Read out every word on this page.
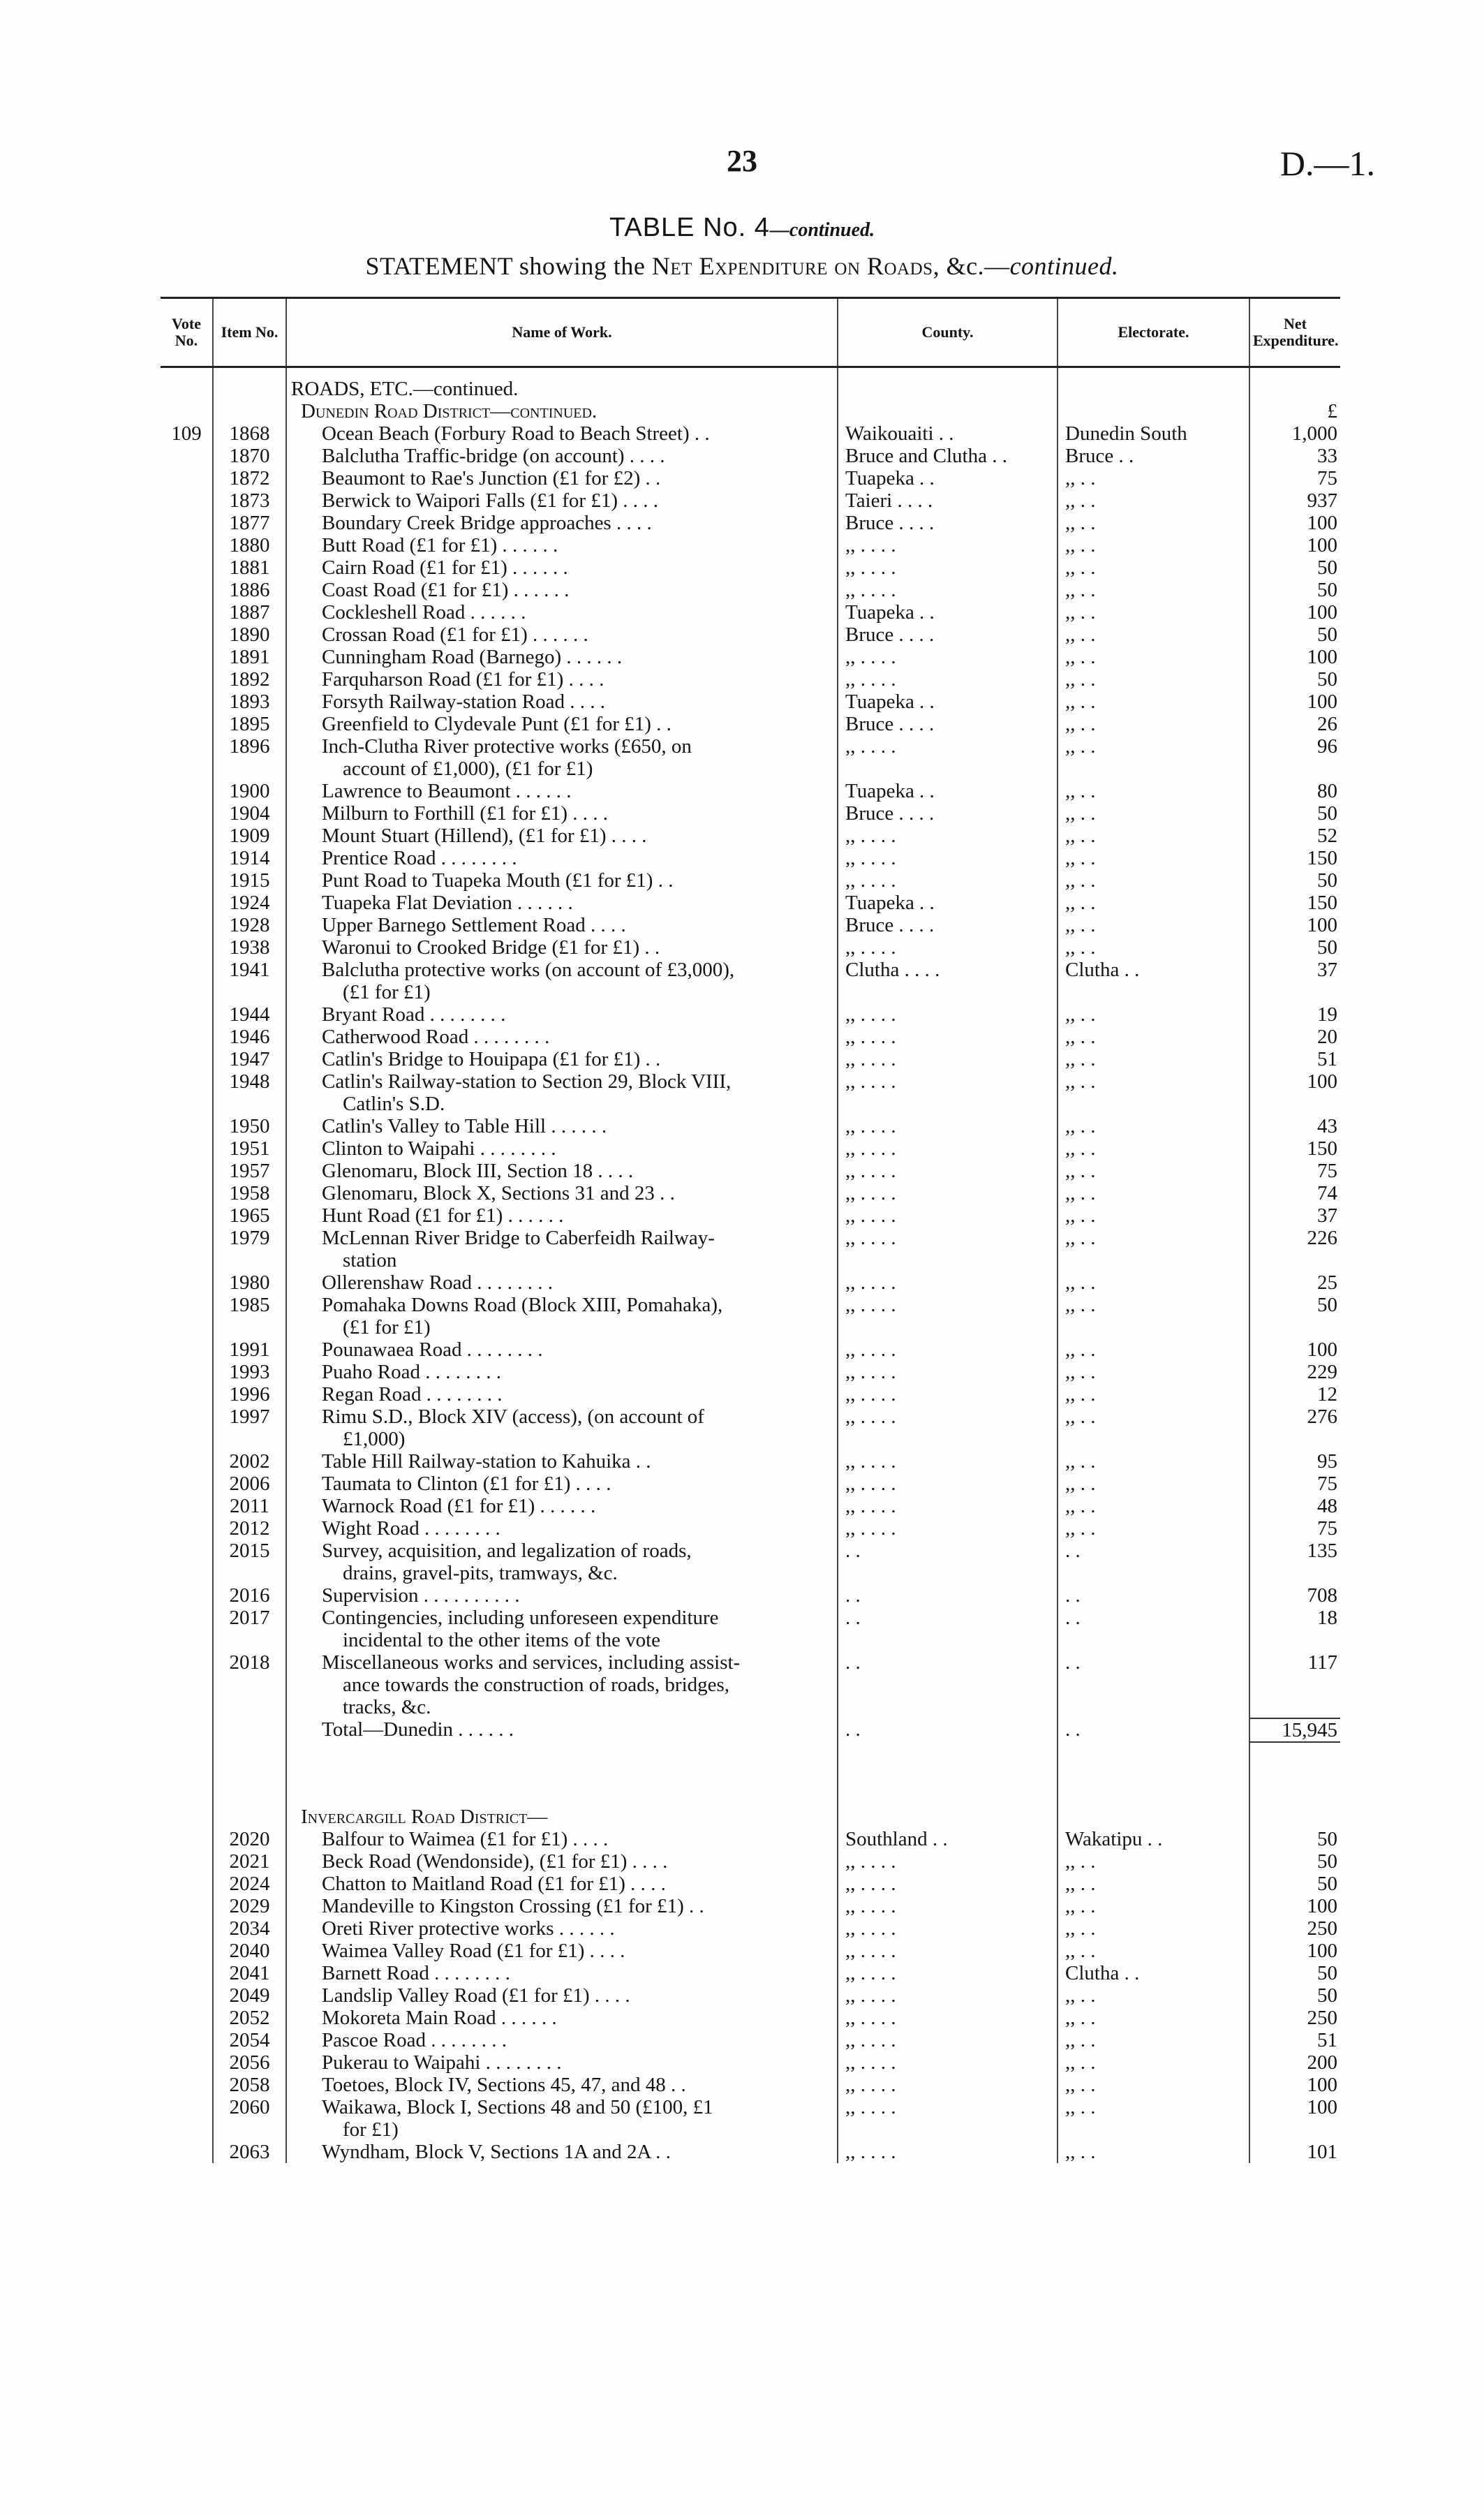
23	D.—1.
TABLE No. 4—continued.
STATEMENT showing the Net Expenditure on Roads, &c.—continued.
Vote No.	Item No.	Name of Work.	County.	Electorate.	Net Expenditure.

		ROADS, ETC.—continued.			
		Dunedin Road District—continued.			£
109	1868	Ocean Beach (Forbury Road to Beach Street) . .	Waikouaiti . .	Dunedin South	1,000
	1870	Balclutha Traffic-bridge (on account) . . . .	Bruce and Clutha . .	Bruce . .	33
	1872	Beaumont to Rae's Junction (£1 for £2) . .	Tuapeka . .	,, . .	75
	1873	Berwick to Waipori Falls (£1 for £1) . . . .	Taieri . . . .	,, . .	937
	1877	Boundary Creek Bridge approaches . . . .	Bruce . . . .	,, . .	100
	1880	Butt Road (£1 for £1) . . . . . .	,, . . . .	,, . .	100
	1881	Cairn Road (£1 for £1) . . . . . .	,, . . . .	,, . .	50
	1886	Coast Road (£1 for £1) . . . . . .	,, . . . .	,, . .	50
	1887	Cockleshell Road . . . . . .	Tuapeka . .	,, . .	100
	1890	Crossan Road (£1 for £1) . . . . . .	Bruce . . . .	,, . .	50
	1891	Cunningham Road (Barnego) . . . . . .	,, . . . .	,, . .	100
	1892	Farquharson Road (£1 for £1) . . . .	,, . . . .	,, . .	50
	1893	Forsyth Railway-station Road . . . .	Tuapeka . .	,, . .	100
	1895	Greenfield to Clydevale Punt (£1 for £1) . .	Bruce . . . .	,, . .	26
	1896	Inch-Clutha River protective works (£650, on
account of £1,000), (£1 for £1)	,, . . . .	,, . .	96
	1900	Lawrence to Beaumont . . . . . .	Tuapeka . .	,, . .	80
	1904	Milburn to Forthill (£1 for £1) . . . .	Bruce . . . .	,, . .	50
	1909	Mount Stuart (Hillend), (£1 for £1) . . . .	,, . . . .	,, . .	52
	1914	Prentice Road . . . . . . . .	,, . . . .	,, . .	150
	1915	Punt Road to Tuapeka Mouth (£1 for £1) . .	,, . . . .	,, . .	50
	1924	Tuapeka Flat Deviation . . . . . .	Tuapeka . .	,, . .	150
	1928	Upper Barnego Settlement Road . . . .	Bruce . . . .	,, . .	100
	1938	Waronui to Crooked Bridge (£1 for £1) . .	,, . . . .	,, . .	50
	1941	Balclutha protective works (on account of £3,000),
(£1 for £1)	Clutha . . . .	Clutha . .	37
	1944	Bryant Road . . . . . . . .	,, . . . .	,, . .	19
	1946	Catherwood Road . . . . . . . .	,, . . . .	,, . .	20
	1947	Catlin's Bridge to Houipapa (£1 for £1) . .	,, . . . .	,, . .	51
	1948	Catlin's Railway-station to Section 29, Block VIII,
Catlin's S.D.	,, . . . .	,, . .	100
	1950	Catlin's Valley to Table Hill . . . . . .	,, . . . .	,, . .	43
	1951	Clinton to Waipahi . . . . . . . .	,, . . . .	,, . .	150
	1957	Glenomaru, Block III, Section 18 . . . .	,, . . . .	,, . .	75
	1958	Glenomaru, Block X, Sections 31 and 23 . .	,, . . . .	,, . .	74
	1965	Hunt Road (£1 for £1) . . . . . .	,, . . . .	,, . .	37
	1979	McLennan River Bridge to Caberfeidh Railway-
station	,, . . . .	,, . .	226
	1980	Ollerenshaw Road . . . . . . . .	,, . . . .	,, . .	25
	1985	Pomahaka Downs Road (Block XIII, Pomahaka),
(£1 for £1)	,, . . . .	,, . .	50
	1991	Pounawaea Road . . . . . . . .	,, . . . .	,, . .	100
	1993	Puaho Road . . . . . . . .	,, . . . .	,, . .	229
	1996	Regan Road . . . . . . . .	,, . . . .	,, . .	12
	1997	Rimu S.D., Block XIV (access), (on account of
£1,000)	,, . . . .	,, . .	276
	2002	Table Hill Railway-station to Kahuika . .	,, . . . .	,, . .	95
	2006	Taumata to Clinton (£1 for £1) . . . .	,, . . . .	,, . .	75
	2011	Warnock Road (£1 for £1) . . . . . .	,, . . . .	,, . .	48
	2012	Wight Road . . . . . . . .	,, . . . .	,, . .	75
	2015	Survey, acquisition, and legalization of roads,
drains, gravel-pits, tramways, &c.	. .	. .	135
	2016	Supervision . . . . . . . . . .	. .	. .	708
	2017	Contingencies, including unforeseen expenditure
incidental to the other items of the vote	. .	. .	18
	2018	Miscellaneous works and services, including assist-
ance towards the construction of roads, bridges,
tracks, &c.	. .	. .	117
		Total—Dunedin . . . . . .	. .	. .	15,945

		Invercargill Road District—			
	2020	Balfour to Waimea (£1 for £1) . . . .	Southland . .	Wakatipu . .	50
	2021	Beck Road (Wendonside), (£1 for £1) . . . .	,, . . . .	,, . .	50
	2024	Chatton to Maitland Road (£1 for £1) . . . .	,, . . . .	,, . .	50
	2029	Mandeville to Kingston Crossing (£1 for £1) . .	,, . . . .	,, . .	100
	2034	Oreti River protective works . . . . . .	,, . . . .	,, . .	250
	2040	Waimea Valley Road (£1 for £1) . . . .	,, . . . .	,, . .	100
	2041	Barnett Road . . . . . . . .	,, . . . .	Clutha . .	50
	2049	Landslip Valley Road (£1 for £1) . . . .	,, . . . .	,, . .	50
	2052	Mokoreta Main Road . . . . . .	,, . . . .	,, . .	250
	2054	Pascoe Road . . . . . . . .	,, . . . .	,, . .	51
	2056	Pukerau to Waipahi . . . . . . . .	,, . . . .	,, . .	200
	2058	Toetoes, Block IV, Sections 45, 47, and 48 . .	,, . . . .	,, . .	100
	2060	Waikawa, Block I, Sections 48 and 50 (£100, £1
for £1)	,, . . . .	,, . .	100
	2063	Wyndham, Block V, Sections 1A and 2A . .	,, . . . .	,, . .	101
